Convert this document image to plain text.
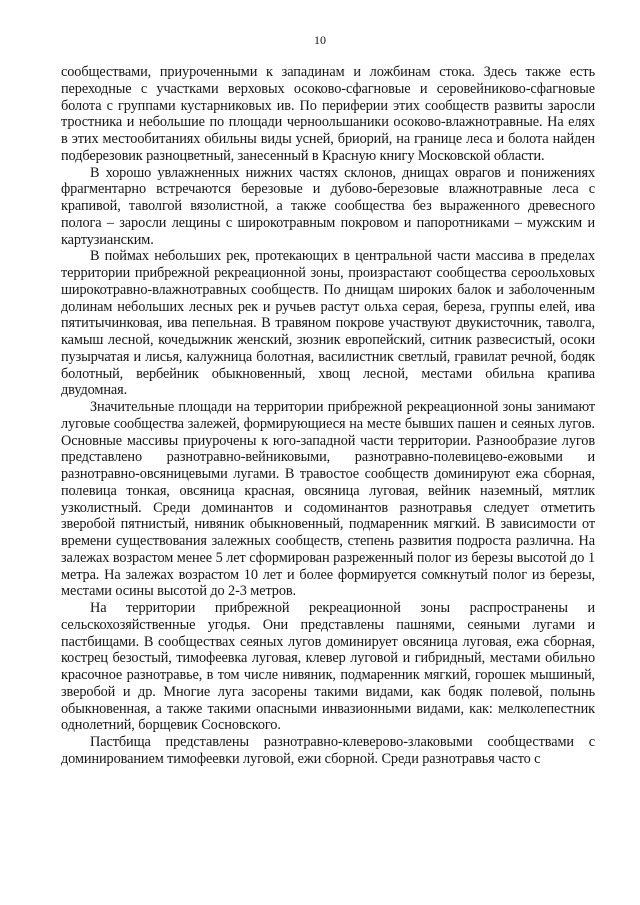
10

сообществами, приуроченными к западинам и ложбинам стока. Здесь также есть переходные с участками верховых осоково-сфагновые и серовейниково-сфагновые болота с группами кустарниковых ив. По периферии этих сообществ развиты заросли тростника и небольшие по площади черноольшаники осоково-влажнотравные. На елях в этих местообитаниях обильны виды усней, бриорий, на границе леса и болота найден подберезовик разноцветный, занесенный в Красную книгу Московской области.

В хорошо увлажненных нижних частях склонов, днищах оврагов и понижениях фрагментарно встречаются березовые и дубово-березовые влажнотравные леса с крапивой, таволгой вязолистной, а также сообщества без выраженного древесного полога – заросли лещины с широкотравным покровом и папоротниками – мужским и картузианским.

В поймах небольших рек, протекающих в центральной части массива в пределах территории прибрежной рекреационной зоны, произрастают сообщества сероольховых широкотравно-влажнотравных сообществ. По днищам широких балок и заболоченным долинам небольших лесных рек и ручьев растут ольха серая, береза, группы елей, ива пятитычинковая, ива пепельная. В травяном покрове участвуют двукисточник, таволга, камыш лесной, кочедыжник женский, зюзник европейский, ситник развесистый, осоки пузырчатая и лисья, калужница болотная, василистник светлый, гравилат речной, бодяк болотный, вербейник обыкновенный, хвощ лесной, местами обильна крапива двудомная.

Значительные площади на территории прибрежной рекреационной зоны занимают луговые сообщества залежей, формирующиеся на месте бывших пашен и сеяных лугов. Основные массивы приурочены к юго-западной части территории. Разнообразие лугов представлено разнотравно-вейниковыми, разнотравно-полевицево-ежовыми и разнотравно-овсяницевыми лугами. В травостое сообществ доминируют ежа сборная, полевица тонкая, овсяница красная, овсяница луговая, вейник наземный, мятлик узколистный. Среди доминантов и содоминантов разнотравья следует отметить зверобой пятнистый, нивяник обыкновенный, подмаренник мягкий. В зависимости от времени существования залежных сообществ, степень развития подроста различна. На залежах возрастом менее 5 лет сформирован разреженный полог из березы высотой до 1 метра. На залежах возрастом 10 лет и более формируется сомкнутый полог из березы, местами осины высотой до 2-3 метров.

На территории прибрежной рекреационной зоны распространены и сельскохозяйственные угодья. Они представлены пашнями, сеяными лугами и пастбищами. В сообществах сеяных лугов доминирует овсяница луговая, ежа сборная, кострец безостый, тимофеевка луговая, клевер луговой и гибридный, местами обильно красочное разнотравье, в том числе нивяник, подмаренник мягкий, горошек мышиный, зверобой и др. Многие луга засорены такими видами, как бодяк полевой, полынь обыкновенная, а также такими опасными инвазионными видами, как: мелколепестник однолетний, борщевик Сосновского.

Пастбища представлены разнотравно-клеверово-злаковыми сообществами с доминированием тимофеевки луговой, ежи сборной. Среди разнотравья часто с
